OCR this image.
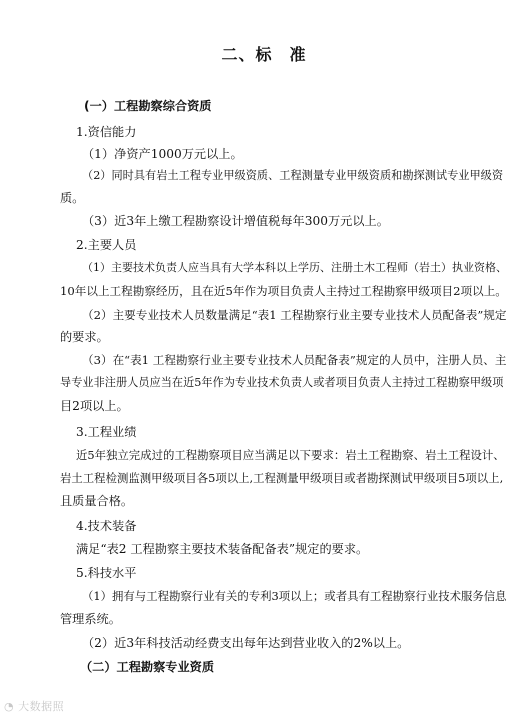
二、标　准
(一）工程勘察综合资质
1.资信能力
（1）净资产1000万元以上。
（2）同时具有岩土工程专业甲级资质、工程测量专业甲级资质和勘探测试专业甲级资
质。
（3）近3年上缴工程勘察设计增值税每年300万元以上。
2.主要人员
（1）主要技术负责人应当具有大学本科以上学历、注册土木工程师（岩土）执业资格、
10年以上工程勘察经历，且在近5年作为项目负责人主持过工程勘察甲级项目2项以上。
（2）主要专业技术人员数量满足“表1 工程勘察行业主要专业技术人员配备表”规定
的要求。
（3）在“表1 工程勘察行业主要专业技术人员配备表”规定的人员中，注册人员、主
导专业非注册人员应当在近5年作为专业技术负责人或者项目负责人主持过工程勘察甲级项
目2项以上。
3.工程业绩
近5年独立完成过的工程勘察项目应当满足以下要求：岩土工程勘察、岩土工程设计、
岩土工程检测监测甲级项目各5项以上,工程测量甲级项目或者勘探测试甲级项目5项以上,
且质量合格。
4.技术装备
满足“表2 工程勘察主要技术装备配备表”规定的要求。
5.科技水平
（1）拥有与工程勘察行业有关的专利3项以上；或者具有工程勘察行业技术服务信息
管理系统。
（2）近3年科技活动经费支出每年达到营业收入的2%以上。
（二）工程勘察专业资质
◔ 大数据照
